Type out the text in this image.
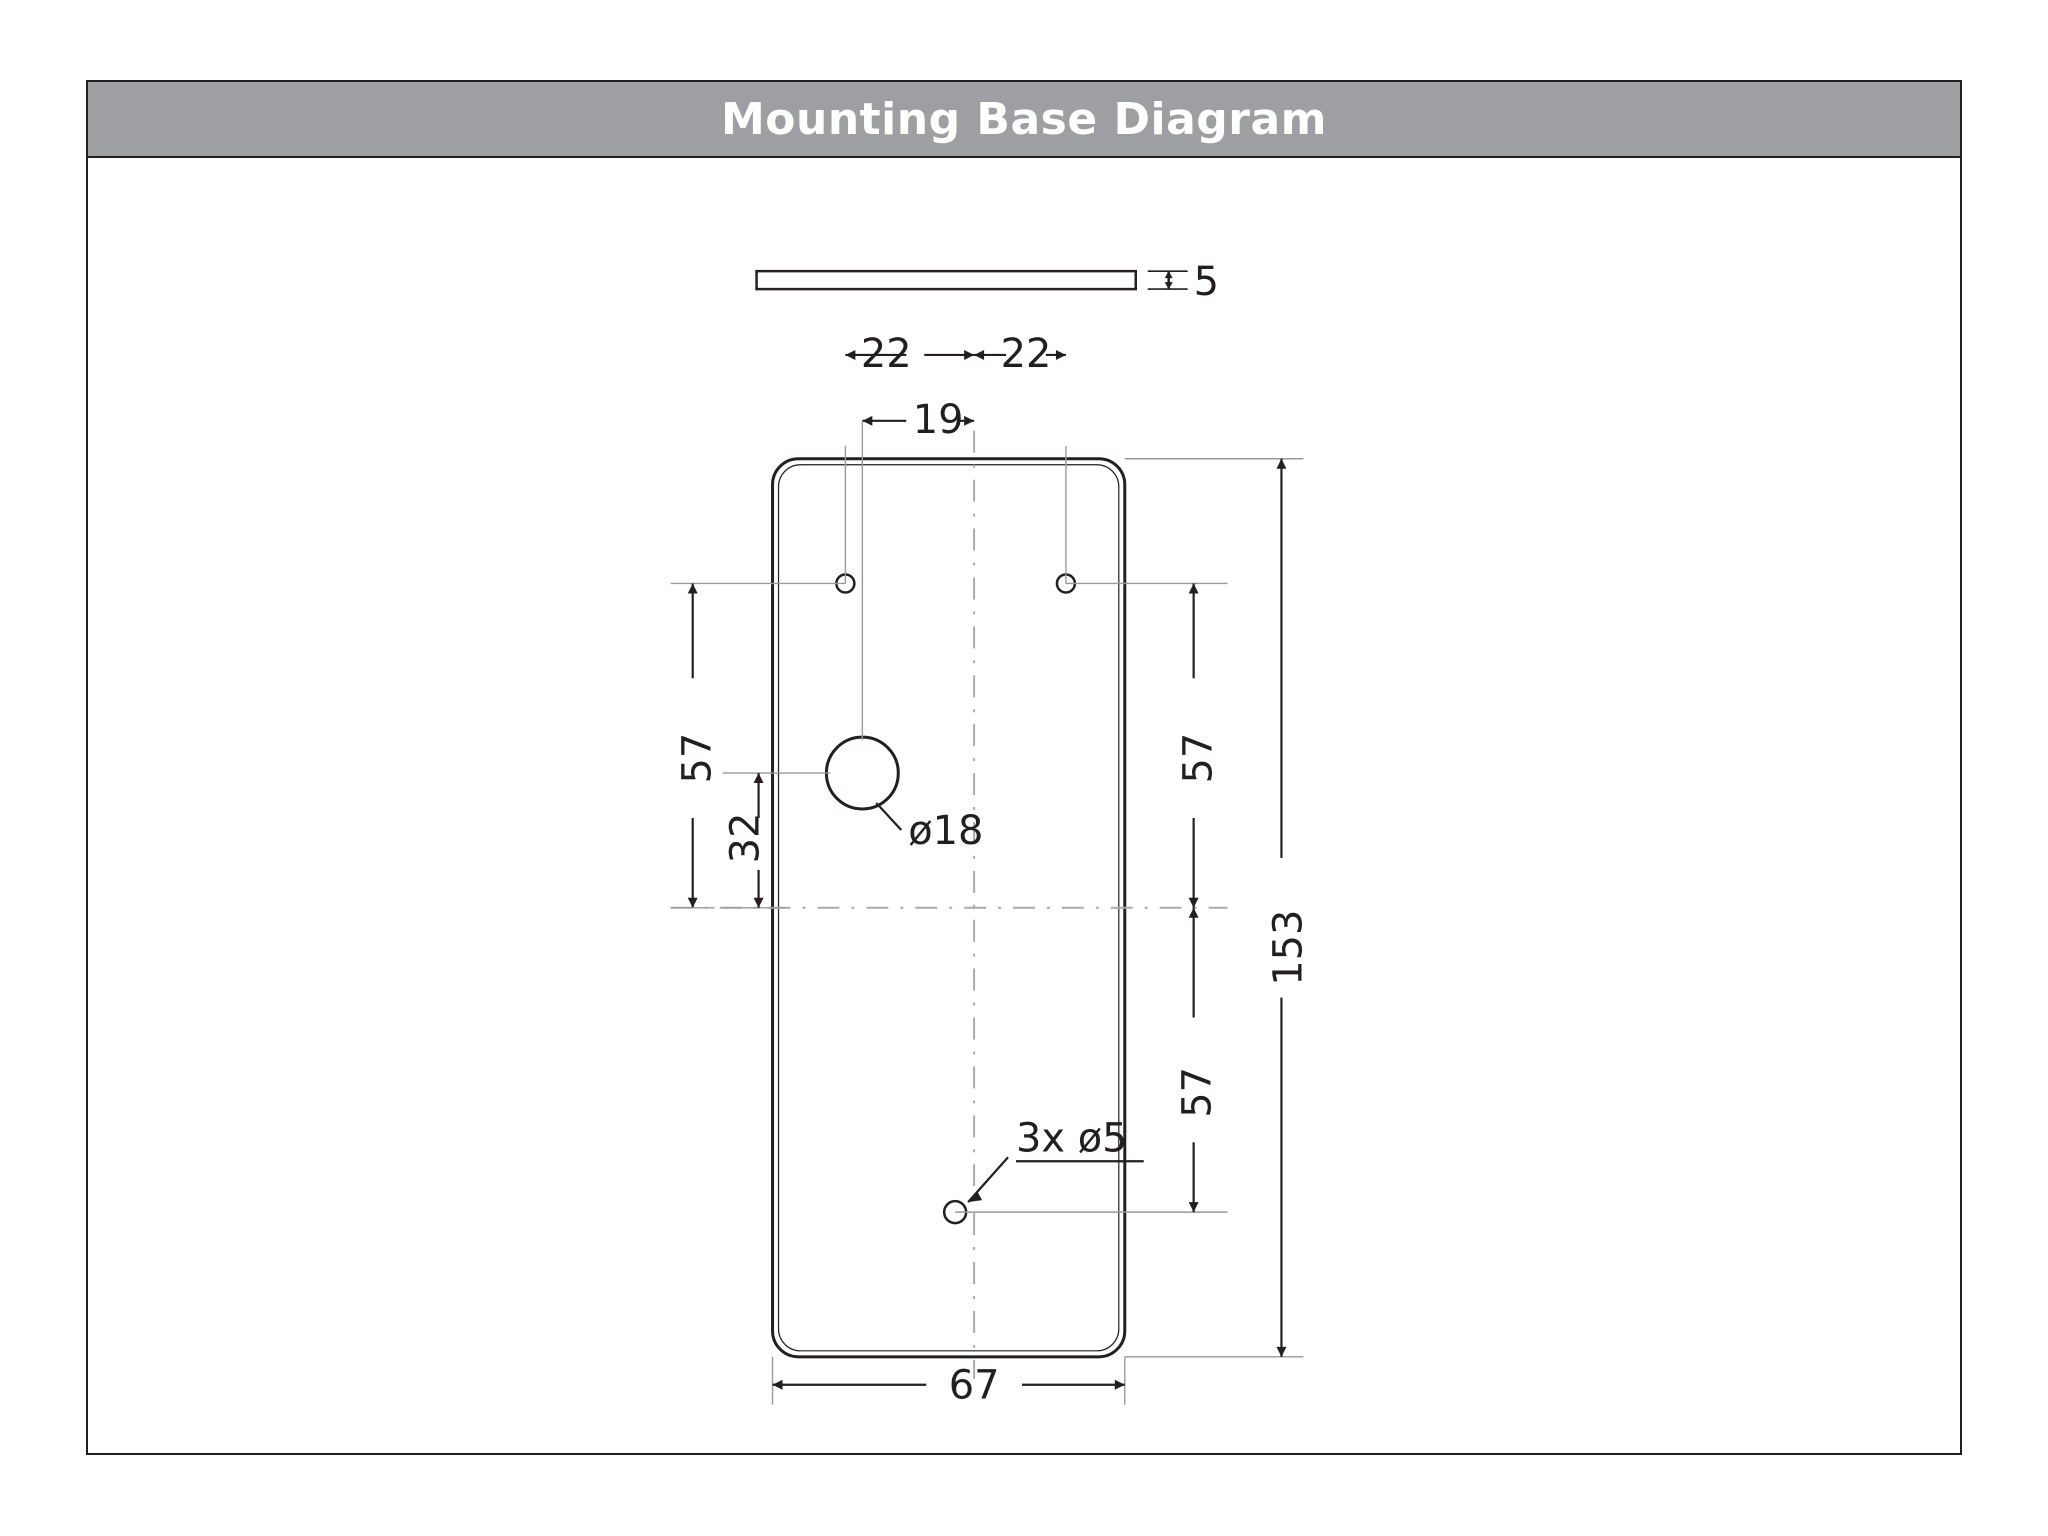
Mounting Base Diagram
5
22 22
19
57
32	ø18
57
57
153
3x ø5
67
